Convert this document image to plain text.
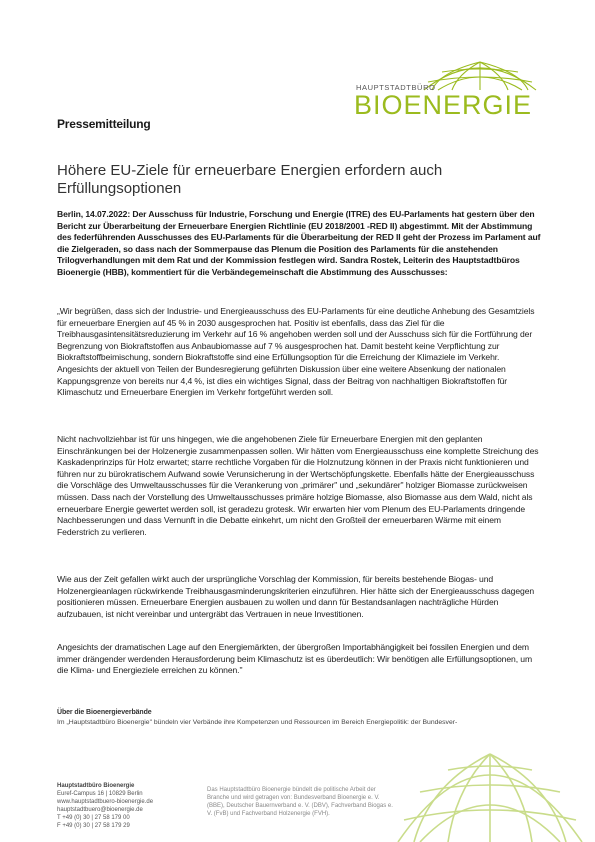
HAUPTSTADTBÜRO
BIOENERGIE
Pressemitteilung
Höhere EU-Ziele für erneuerbare Energien erfordern auch Erfüllungsoptionen

Berlin, 14.07.2022: Der Ausschuss für Industrie, Forschung und Energie (ITRE) des EU-Parlaments hat gestern über den Bericht zur Überarbeitung der Erneuerbare Energien Richtlinie (EU 2018/2001 -RED II) abgestimmt. Mit der Abstimmung des federführenden Ausschusses des EU-Parlaments für die Überarbeitung der RED II geht der Prozess im Parlament auf die Zielgeraden, so dass nach der Sommerpause das Plenum die Position des Parlaments für die anstehenden Trilogverhandlungen mit dem Rat und der Kommission festlegen wird. Sandra Rostek, Leiterin des Hauptstadtbüros Bioenergie (HBB), kommentiert für die Verbändegemeinschaft die Abstimmung des Ausschusses:

„Wir begrüßen, dass sich der Industrie- und Energieausschuss des EU-Parlaments für eine deutliche Anhebung des Gesamtziels für erneuerbare Energien auf 45 % in 2030 ausgesprochen hat. Positiv ist ebenfalls, dass das Ziel für die Treibhausgasintensitätsreduzierung im Verkehr auf 16 % angehoben werden soll und der Ausschuss sich für die Fortführung der Begrenzung von Biokraftstoffen aus Anbaubiomasse auf 7 % ausgesprochen hat. Damit besteht keine Verpflichtung zur Biokraftstoffbeimischung, sondern Biokraftstoffe sind eine Erfüllungsoption für die Erreichung der Klimaziele im Verkehr. Angesichts der aktuell von Teilen der Bundesregierung geführten Diskussion über eine weitere Absenkung der nationalen Kappungsgrenze von bereits nur 4,4 %, ist dies ein wichtiges Signal, dass der Beitrag von nachhaltigen Biokraftstoffen für Klimaschutz und Erneuerbare Energien im Verkehr fortgeführt werden soll.

Nicht nachvollziehbar ist für uns hingegen, wie die angehobenen Ziele für Erneuerbare Energien mit den geplanten Einschränkungen bei der Holzenergie zusammenpassen sollen. Wir hätten vom Energieausschuss eine komplette Streichung des Kaskadenprinzips für Holz erwartet; starre rechtliche Vorgaben für die Holznutzung können in der Praxis nicht funktionieren und führen nur zu bürokratischem Aufwand sowie Verunsicherung in der Wertschöpfungskette. Ebenfalls hätte der Energieausschuss die Vorschläge des Umweltausschusses für die Verankerung von „primärer" und „sekundärer" holziger Biomasse zurückweisen müssen. Dass nach der Vorstellung des Umweltausschusses primäre holzige Biomasse, also Biomasse aus dem Wald, nicht als erneuerbare Energie gewertet werden soll, ist geradezu grotesk. Wir erwarten hier vom Plenum des EU-Parlaments dringende Nachbesserungen und dass Vernunft in die Debatte einkehrt, um nicht den Großteil der erneuerbaren Wärme mit einem Federstrich zu verlieren.

Wie aus der Zeit gefallen wirkt auch der ursprüngliche Vorschlag der Kommission, für bereits bestehende Biogas- und Holzenergieanlagen rückwirkende Treibhausgasminderungskriterien einzuführen. Hier hätte sich der Energieausschuss dagegen positionieren müssen. Erneuerbare Energien ausbauen zu wollen und dann für Bestandsanlagen nachträgliche Hürden aufzubauen, ist nicht vereinbar und untergräbt das Vertrauen in neue Investitionen.

Angesichts der dramatischen Lage auf den Energiemärkten, der übergroßen Importabhängigkeit bei fossilen Energien und dem immer drängender werdenden Herausforderung beim Klimaschutz ist es überdeutlich: Wir benötigen alle Erfüllungsoptionen, um die Klima- und Energieziele erreichen zu können."

Über die Bioenergieverbände

Im „Hauptstadtbüro Bioenergie" bündeln vier Verbände ihre Kompetenzen und Ressourcen im Bereich Energiepolitik: der Bundesver-

Hauptstadtbüro Bioenergie
Euref-Campus 16 | 10829 Berlin
www.hauptstadtbuero-bioenergie.de
hauptstadtbuero@bioenergie.de
T +49 (0) 30 | 27 58 179 00
F +49 (0) 30 | 27 58 179 29
Das Hauptstadtbüro Bioenergie bündelt die politische Arbeit der Branche und wird getragen von: Bundesverband Bioenergie e. V. (BBE), Deutscher Bauernverband e. V. (DBV), Fachverband Biogas e. V. (FvB) und Fachverband Holzenergie (FVH).
